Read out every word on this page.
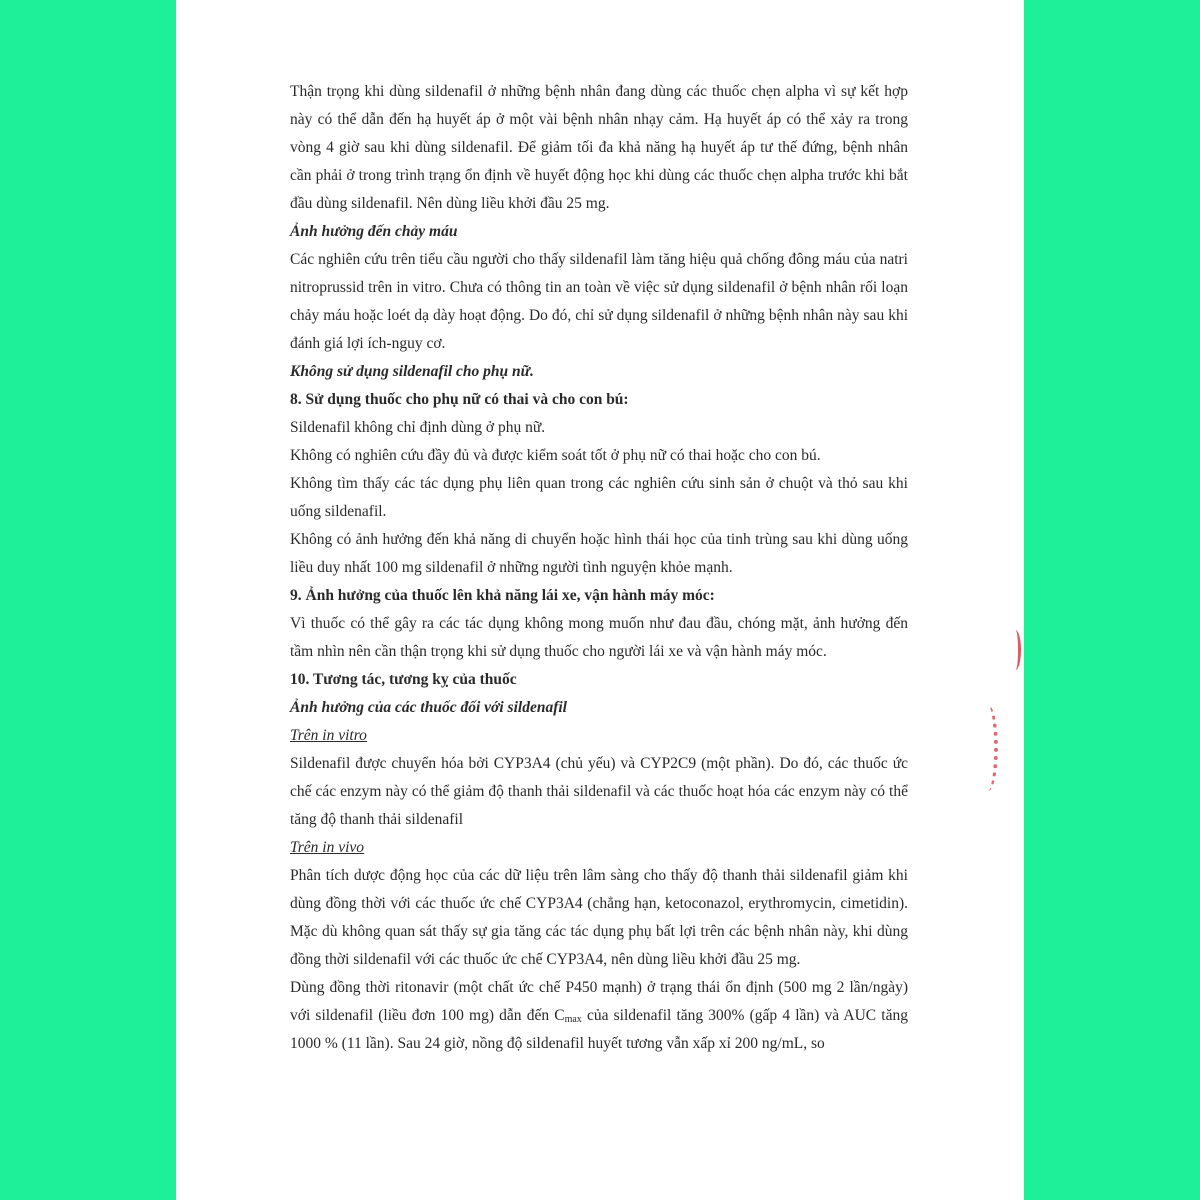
Thận trọng khi dùng sildenafil ở những bệnh nhân đang dùng các thuốc chẹn alpha vì sự kết hợp này có thể dẫn đến hạ huyết áp ở một vài bệnh nhân nhạy cảm. Hạ huyết áp có thể xảy ra trong vòng 4 giờ sau khi dùng sildenafil. Để giảm tối đa khả năng hạ huyết áp tư thế đứng, bệnh nhân cần phải ở trong trình trạng ổn định về huyết động học khi dùng các thuốc chẹn alpha trước khi bắt đầu dùng sildenafil. Nên dùng liều khởi đầu 25 mg.

Ảnh hưởng đến chảy máu

Các nghiên cứu trên tiểu cầu người cho thấy sildenafil làm tăng hiệu quả chống đông máu của natri nitroprussid trên in vitro. Chưa có thông tin an toàn về việc sử dụng sildenafil ở bệnh nhân rối loạn chảy máu hoặc loét dạ dày hoạt động. Do đó, chỉ sử dụng sildenafil ở những bệnh nhân này sau khi đánh giá lợi ích-nguy cơ.

Không sử dụng sildenafil cho phụ nữ.

8. Sử dụng thuốc cho phụ nữ có thai và cho con bú:

Sildenafil không chỉ định dùng ở phụ nữ.

Không có nghiên cứu đầy đủ và được kiểm soát tốt ở phụ nữ có thai hoặc cho con bú.

Không tìm thấy các tác dụng phụ liên quan trong các nghiên cứu sinh sản ở chuột và thỏ sau khi uống sildenafil.

Không có ảnh hưởng đến khả năng di chuyển hoặc hình thái học của tinh trùng sau khi dùng uống liều duy nhất 100 mg sildenafil ở những người tình nguyện khỏe mạnh.

9. Ảnh hưởng của thuốc lên khả năng lái xe, vận hành máy móc:

Vì thuốc có thể gây ra các tác dụng không mong muốn như đau đầu, chóng mặt, ảnh hưởng đến tầm nhìn nên cần thận trọng khi sử dụng thuốc cho người lái xe và vận hành máy móc.

10. Tương tác, tương kỵ của thuốc

Ảnh hưởng của các thuốc đối với sildenafil

Trên in vitro

Sildenafil được chuyển hóa bởi CYP3A4 (chủ yếu) và CYP2C9 (một phần). Do đó, các thuốc ức chế các enzym này có thể giảm độ thanh thải sildenafil và các thuốc hoạt hóa các enzym này có thể tăng độ thanh thải sildenafil

Trên in vivo

Phân tích dược động học của các dữ liệu trên lâm sàng cho thấy độ thanh thải sildenafil giảm khi dùng đồng thời với các thuốc ức chế CYP3A4 (chẳng hạn, ketoconazol, erythromycin, cimetidin). Mặc dù không quan sát thấy sự gia tăng các tác dụng phụ bất lợi trên các bệnh nhân này, khi dùng đồng thời sildenafil với các thuốc ức chế CYP3A4, nên dùng liều khởi đầu 25 mg.

Dùng đồng thời ritonavir (một chất ức chế P450 mạnh) ở trạng thái ổn định (500 mg 2 lần/ngày) với sildenafil (liều đơn 100 mg) dẫn đến $C_{max}$ của sildenafil tăng 300% (gấp 4 lần) và AUC tăng 1000 % (11 lần). Sau 24 giờ, nồng độ sildenafil huyết tương vẫn xấp xỉ 200 ng/mL, so
